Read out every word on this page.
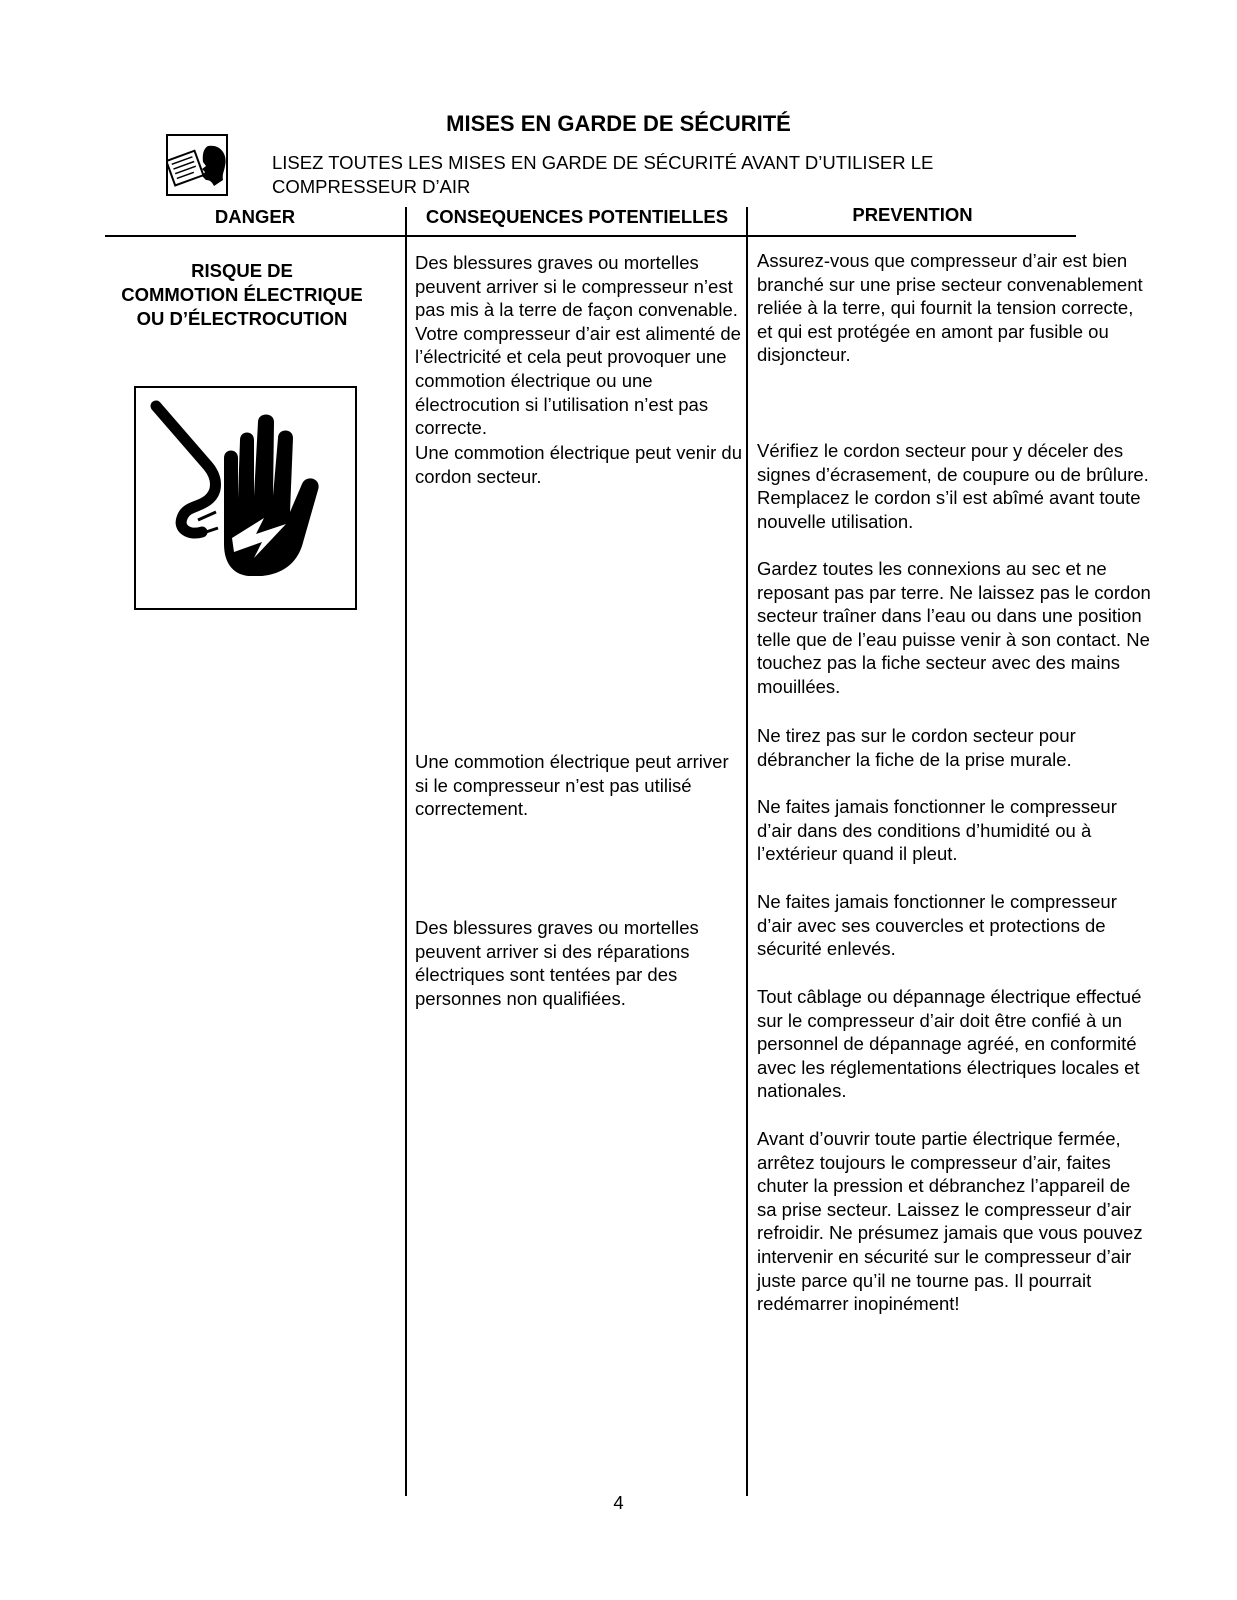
MISES EN GARDE DE SÉCURITÉ
LISEZ TOUTES LES MISES EN GARDE DE SÉCURITÉ AVANT D’UTILISER LE
COMPRESSEUR D’AIR
DANGER	CONSEQUENCES POTENTIELLES	PREVENTION
RISQUE DE
COMMOTION ÉLECTRIQUE
OU D’ÉLECTROCUTION

Des blessures graves ou mortelles peuvent arriver si le compresseur n’est pas mis à la terre de façon convenable. Votre compresseur d’air est alimenté de l’électricité et cela peut provoquer une commotion électrique ou une électrocution si l’utilisation n’est pas correcte.

Une commotion électrique peut venir du cordon secteur.

Une commotion électrique peut arriver si le compresseur n’est pas utilisé correctement.

Des blessures graves ou mortelles peuvent arriver si des réparations électriques sont tentées par des personnes non qualifiées.

Assurez-vous que compresseur d’air est bien branché sur une prise secteur convenablement reliée à la terre, qui fournit la tension correcte, et qui est protégée en amont par fusible ou disjoncteur.

Vérifiez le cordon secteur pour y déceler des signes d’écrasement, de coupure ou de brûlure. Remplacez le cordon s’il est abîmé avant toute nouvelle utilisation.

Gardez toutes les connexions au sec et ne reposant pas par terre. Ne laissez pas le cordon secteur traîner dans l’eau ou dans une position telle que de l’eau puisse venir à son contact. Ne touchez pas la fiche secteur avec des mains mouillées.

Ne tirez pas sur le cordon secteur pour débrancher la fiche de la prise murale.

Ne faites jamais fonctionner le compresseur d’air dans des conditions d’humidité ou à l’extérieur quand il pleut.

Ne faites jamais fonctionner le compresseur d’air avec ses couvercles et protections de sécurité enlevés.

Tout câblage ou dépannage électrique effectué sur le compresseur d’air doit être confié à un personnel de dépannage agréé, en conformité avec les réglementations électriques locales et nationales.

Avant d’ouvrir toute partie électrique fermée, arrêtez toujours le compresseur d’air, faites chuter la pression et débranchez l’appareil de sa prise secteur. Laissez le compresseur d’air refroidir. Ne présumez jamais que vous pouvez intervenir en sécurité sur le compresseur d’air juste parce qu’il ne tourne pas. Il pourrait redémarrer inopinément!

4
